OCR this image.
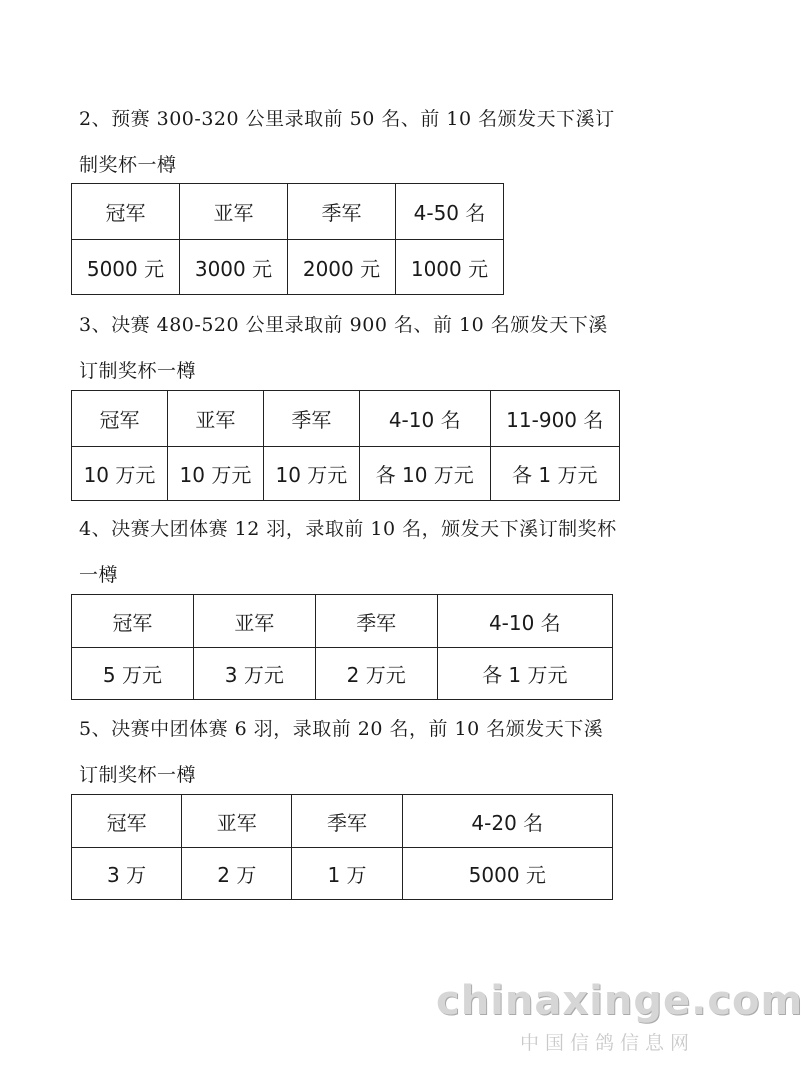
2、预赛 300-320 公里录取前 50 名、前 10 名颁发天下溪订制奖杯一樽

冠军	亚军	季军	4-50 名
5000 元	3000 元	2000 元	1000 元

3、决赛 480-520 公里录取前 900 名、前 10 名颁发天下溪订制奖杯一樽

冠军	亚军	季军	4-10 名	11-900 名
10 万元	10 万元	10 万元	各 10 万元	各 1 万元

4、决赛大团体赛 12 羽，录取前 10 名，颁发天下溪订制奖杯一樽

冠军	亚军	季军	4-10 名
5 万元	3 万元	2 万元	各 1 万元

5、决赛中团体赛 6 羽，录取前 20 名，前 10 名颁发天下溪订制奖杯一樽

冠军	亚军	季军	4-20 名
3 万	2 万	1 万	5000 元
chinaxinge.com
中国信鸽信息网
